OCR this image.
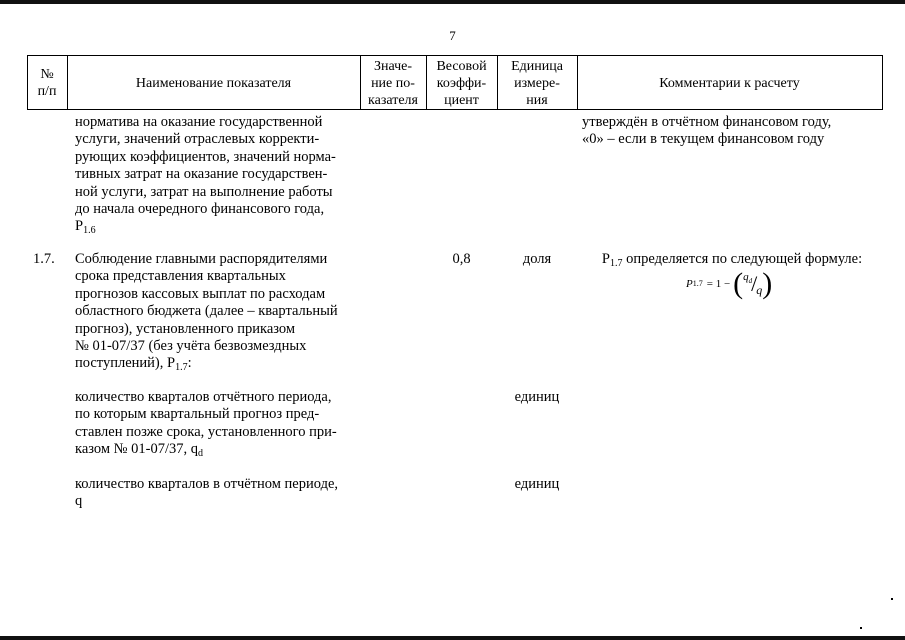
7
№
п/п
Наименование показателя
Значе-
ние по-
казателя
Весовой
коэффи-
циент
Единица
измере-
ния
Комментарии к расчету
норматива на оказание государственной
услуги, значений отраслевых корректи-
рующих коэффициентов, значений норма-
тивных затрат на оказание государствен-
ной услуги, затрат на выполнение работы
до начала очередного финансового года,
$P_{1.6}$
утверждён в отчётном финансовом году,
«0» – если в текущем финансовом году
1.7. Соблюдение главными распорядителями
срока представления квартальных
прогнозов кассовых выплат по расходам
областного бюджета (далее – квартальный
прогноз), установленного приказом
№ 01-07/37 (без учёта безвозмездных
поступлений), $P_{1.7}$:
0,8	доля	$P_{1.7}$ определяется по следующей формуле:
P 1.7 = 1 − ( $q_d$ / q )
количество кварталов отчётного периода,
по которым квартальный прогноз пред-
ставлен позже срока, установленного при-
казом № 01-07/37, $q_d$
единиц
количество кварталов в отчётном периоде,
q
единиц
